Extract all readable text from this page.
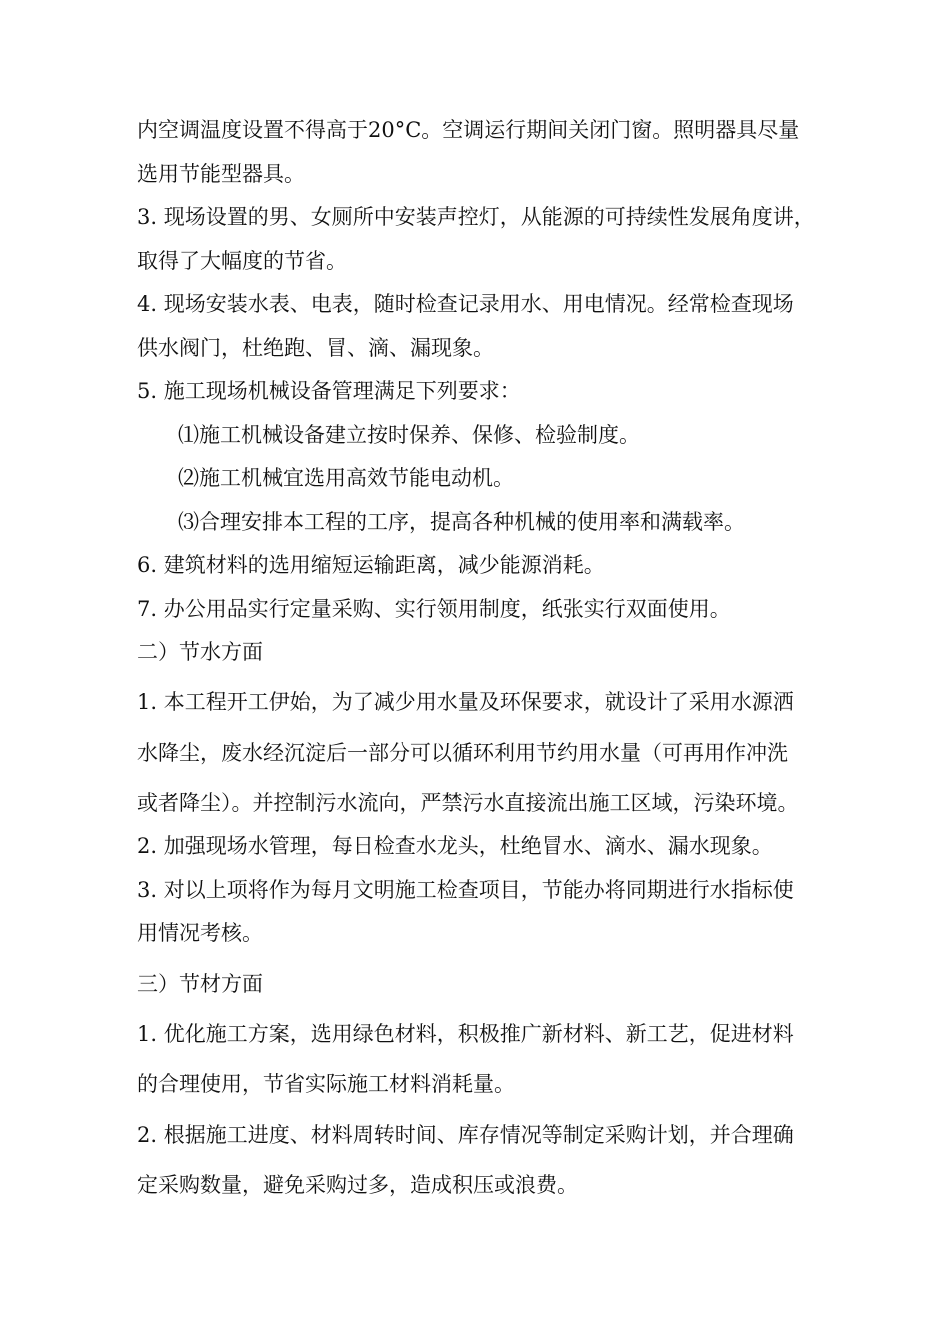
内空调温度设置不得高于20°C。空调运行期间关闭门窗。照明器具尽量
选用节能型器具。
3. 现场设置的男、女厕所中安装声控灯，从能源的可持续性发展角度讲，
取得了大幅度的节省。
4. 现场安装水表、电表，随时检查记录用水、用电情况。经常检查现场
供水阀门，杜绝跑、冒、滴、漏现象。
5. 施工现场机械设备管理满足下列要求：
⑴施工机械设备建立按时保养、保修、检验制度。
⑵施工机械宜选用高效节能电动机。
⑶合理安排本工程的工序，提高各种机械的使用率和满载率。
6. 建筑材料的选用缩短运输距离，减少能源消耗。
7. 办公用品实行定量采购、实行领用制度，纸张实行双面使用。
二）节水方面
1. 本工程开工伊始，为了减少用水量及环保要求，就设计了采用水源洒
水降尘，废水经沉淀后一部分可以循环利用节约用水量（可再用作冲洗
或者降尘）。并控制污水流向，严禁污水直接流出施工区域，污染环境。
2. 加强现场水管理，每日检查水龙头，杜绝冒水、滴水、漏水现象。
3. 对以上项将作为每月文明施工检查项目，节能办将同期进行水指标使
用情况考核。
三）节材方面
1. 优化施工方案，选用绿色材料，积极推广新材料、新工艺，促进材料
的合理使用，节省实际施工材料消耗量。
2. 根据施工进度、材料周转时间、库存情况等制定采购计划，并合理确
定采购数量，避免采购过多，造成积压或浪费。
